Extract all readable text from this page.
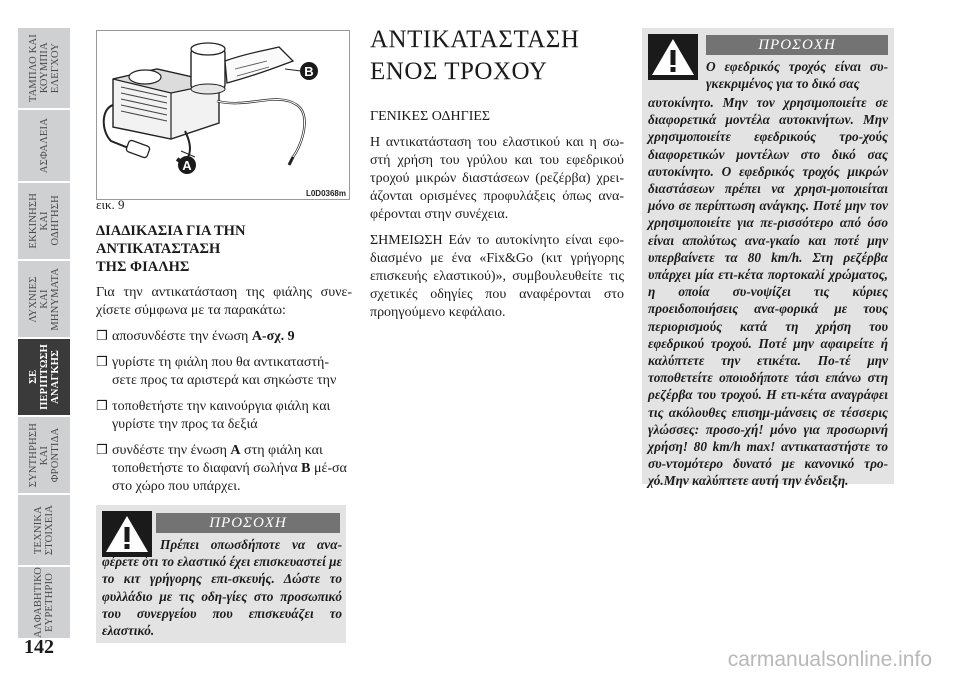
ΤΑΜΠΛΟ ΚΑΙ
ΚΟΥΜΠΙΑ
ΕΛΕΓΧΟΥ
ΑΣΦΑΛΕΙΑ
ΕΚΚΙΝΗΣΗ
ΚΑΙ
ΟΔΗΓΗΣΗ
ΛΥΧΝΙΕΣ
ΚΑΙ
ΜΗΝΥΜΑΤΑ
ΣΕ
ΠΕΡΙΠΤΩΣΗ
ΑΝΑΓΚΗΣ
ΣΥΝΤΗΡΗΣΗ
ΚΑΙ
ΦΡΟΝΤΙΔΑ
ΤΕΧΝΙΚΑ
ΣΤΟΙΧΕΙΑ
ΑΛΦΑΒΗΤΙΚΟ
ΕΥΡΕΤΗΡΙΟ
142
B
A
L0D0368m
εικ. 9
ΔΙΑΔΙΚΑΣΙΑ ΓΙΑ ΤΗΝ
ΑΝΤΙΚΑΤΑΣΤΑΣΗ
ΤΗΣ ΦΙΑΛΗΣ

Για την αντικατάσταση της φιάλης συνε-χίσετε σύμφωνα με τα παρακάτω:

❒ αποσυνδέστε την ένωση Α-σχ. 9
❒ γυρίστε τη φιάλη που θα αντικαταστή-σετε προς τα αριστερά και σηκώστε την
❒ τοποθετήστε την καινούργια φιάλη και γυρίστε την προς τα δεξιά
❒ συνδέστε την ένωση Α στη φιάλη και τοποθετήστε το διαφανή σωλήνα Β μέ-σα στο χώρο που υπάρχει.
ΠΡΟΣΟΧΗ
Πρέπει οπωσδήποτε να ανα-φέρετε ότι το ελαστικό έχει επισκευαστεί με το κιτ γρήγορης επι-σκευής. Δώστε το φυλλάδιο με τις οδη-γίες στο προσωπικό του συνεργείου που επισκευάζει το ελαστικό.
ΑΝΤΙΚΑΤΑΣΤΑΣΗ
ΕΝΟΣ ΤΡΟΧΟΥ
ΓΕΝΙΚΕΣ ΟΔΗΓΙΕΣ

Η αντικατάσταση του ελαστικού και η σω-στή χρήση του γρύλου και του εφεδρικού τροχού μικρών διαστάσεων (ρεζέρβα) χρει-άζονται ορισμένες προφυλάξεις όπως ανα-φέρονται στην συνέχεια.

ΣΗΜΕΙΩΣΗ Εάν το αυτοκίνητο είναι εφο-διασμένο με ένα «Fix&Go (κιτ γρήγορης επισκευής ελαστικού)», συμβουλευθείτε τις σχετικές οδηγίες που αναφέρονται στο προηγούμενο κεφάλαιο.

ΠΡΟΣΟΧΗ
Ο εφεδρικός τροχός είναι συ-γκεκριμένος για το δικό σας
αυτοκίνητο. Μην τον χρησιμοποιείτε σε διαφορετικά μοντέλα αυτοκινήτων. Μην χρησιμοποιείτε εφεδρικούς τρο-χούς διαφορετικών μοντέλων στο δικό σας αυτοκίνητο. Ο εφεδρικός τροχός μικρών διαστάσεων πρέπει να χρησι-μοποιείται μόνο σε περίπτωση ανάγκης. Ποτέ μην τον χρησιμοποιείτε για πε-ρισσότερο από όσο είναι απολύτως ανα-γκαίο και ποτέ μην υπερβαίνετε τα 80 km/h. Στη ρεζέρβα υπάρχει μία ετι-κέτα πορτοκαλί χρώματος, η οποία συ-νοψίζει τις κύριες προειδοποιήσεις ανα-φορικά με τους περιορισμούς κατά τη χρήση του εφεδρικού τροχού. Ποτέ μην αφαιρείτε ή καλύπτετε την ετικέτα. Πο-τέ μην τοποθετείτε οποιοδήποτε τάσι επάνω στη ρεζέρβα του τροχού. Η ετι-κέτα αναγράφει τις ακόλουθες επισημ-μάνσεις σε τέσσερις γλώσσες: προσο-χή! μόνο για προσωρινή χρήση! 80 km/h max! αντικαταστήστε το συ-ντομότερο δυνατό με κανονικό τρο-χό.Μην καλύπτετε αυτή την ένδειξη.
carmanualsonline.info
